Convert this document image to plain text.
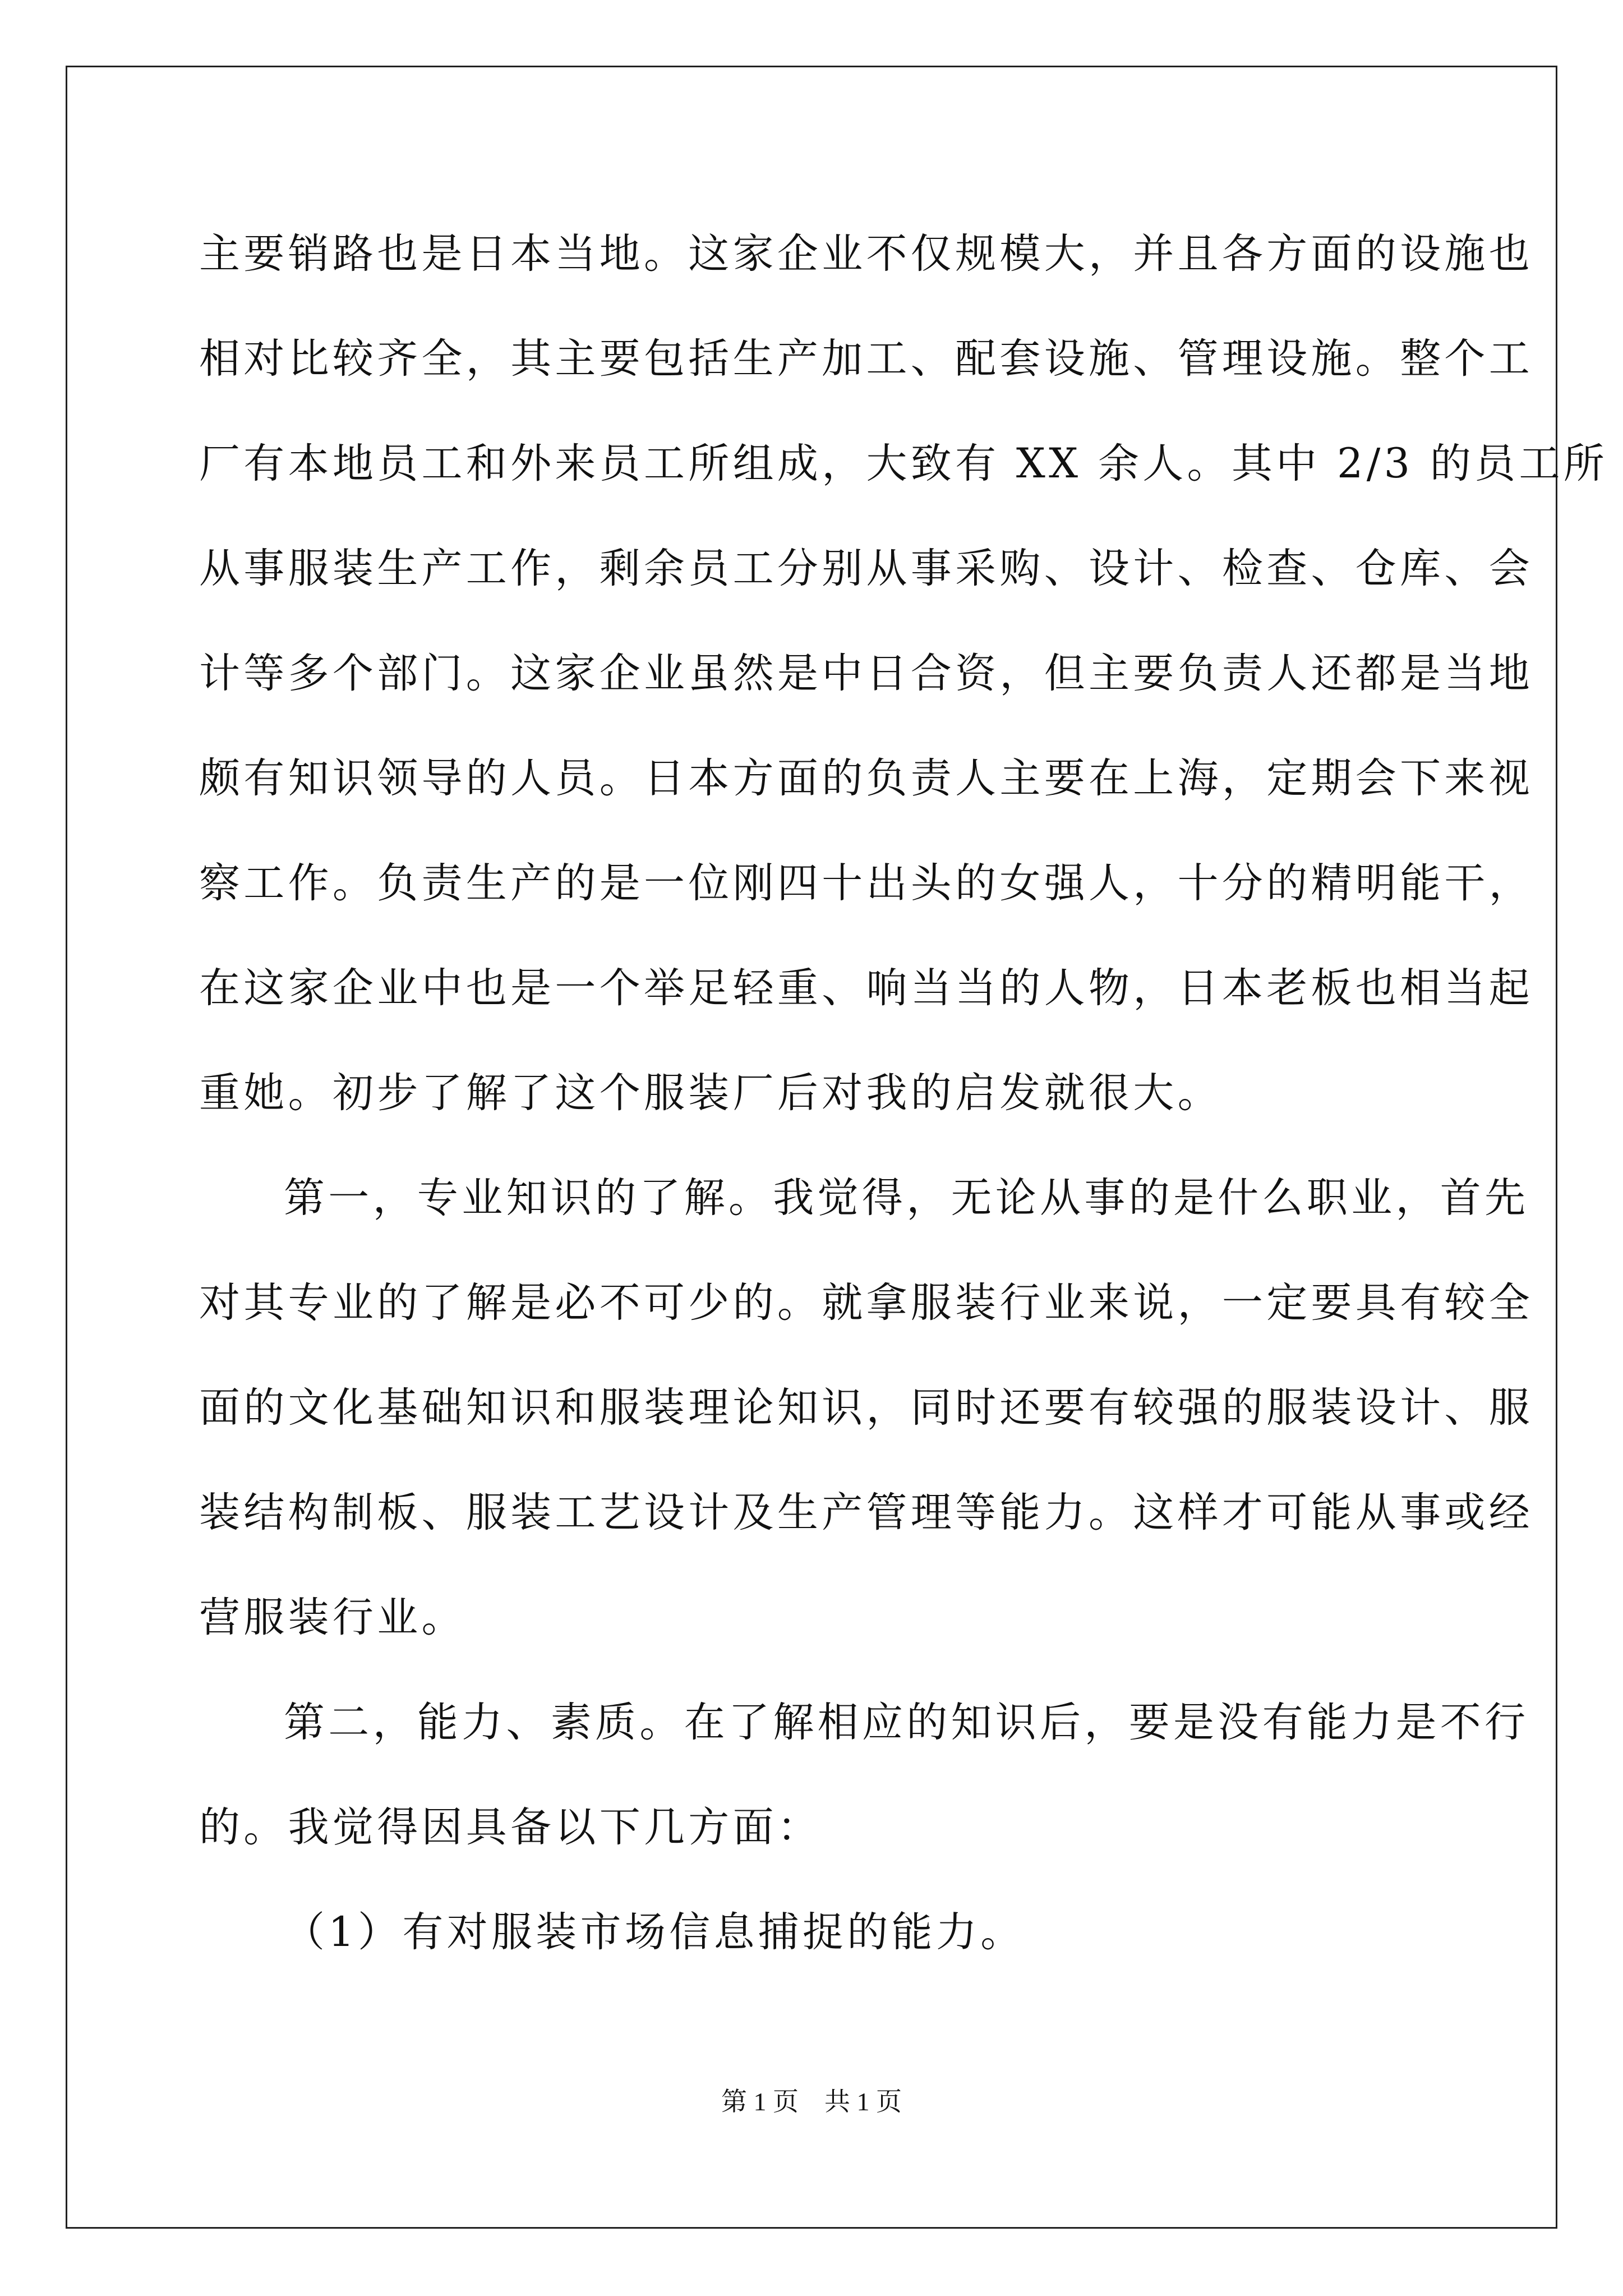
主要销路也是日本当地。这家企业不仅规模大，并且各方面的设施也
相对比较齐全，其主要包括生产加工、配套设施、管理设施。整个工
厂有本地员工和外来员工所组成，大致有 XX 余人。其中 2/3 的员工所
从事服装生产工作，剩余员工分别从事采购、设计、检查、仓库、会
计等多个部门。这家企业虽然是中日合资，但主要负责人还都是当地
颇有知识领导的人员。日本方面的负责人主要在上海，定期会下来视
察工作。负责生产的是一位刚四十出头的女强人，十分的精明能干，
在这家企业中也是一个举足轻重、响当当的人物，日本老板也相当起
重她。初步了解了这个服装厂后对我的启发就很大。
第一，专业知识的了解。我觉得，无论从事的是什么职业，首先
对其专业的了解是必不可少的。就拿服装行业来说，一定要具有较全
面的文化基础知识和服装理论知识，同时还要有较强的服装设计、服
装结构制板、服装工艺设计及生产管理等能力。这样才可能从事或经
营服装行业。
第二，能力、素质。在了解相应的知识后，要是没有能力是不行
的。我觉得因具备以下几方面：
（1）有对服装市场信息捕捉的能力。
第 1 页　共 1 页
